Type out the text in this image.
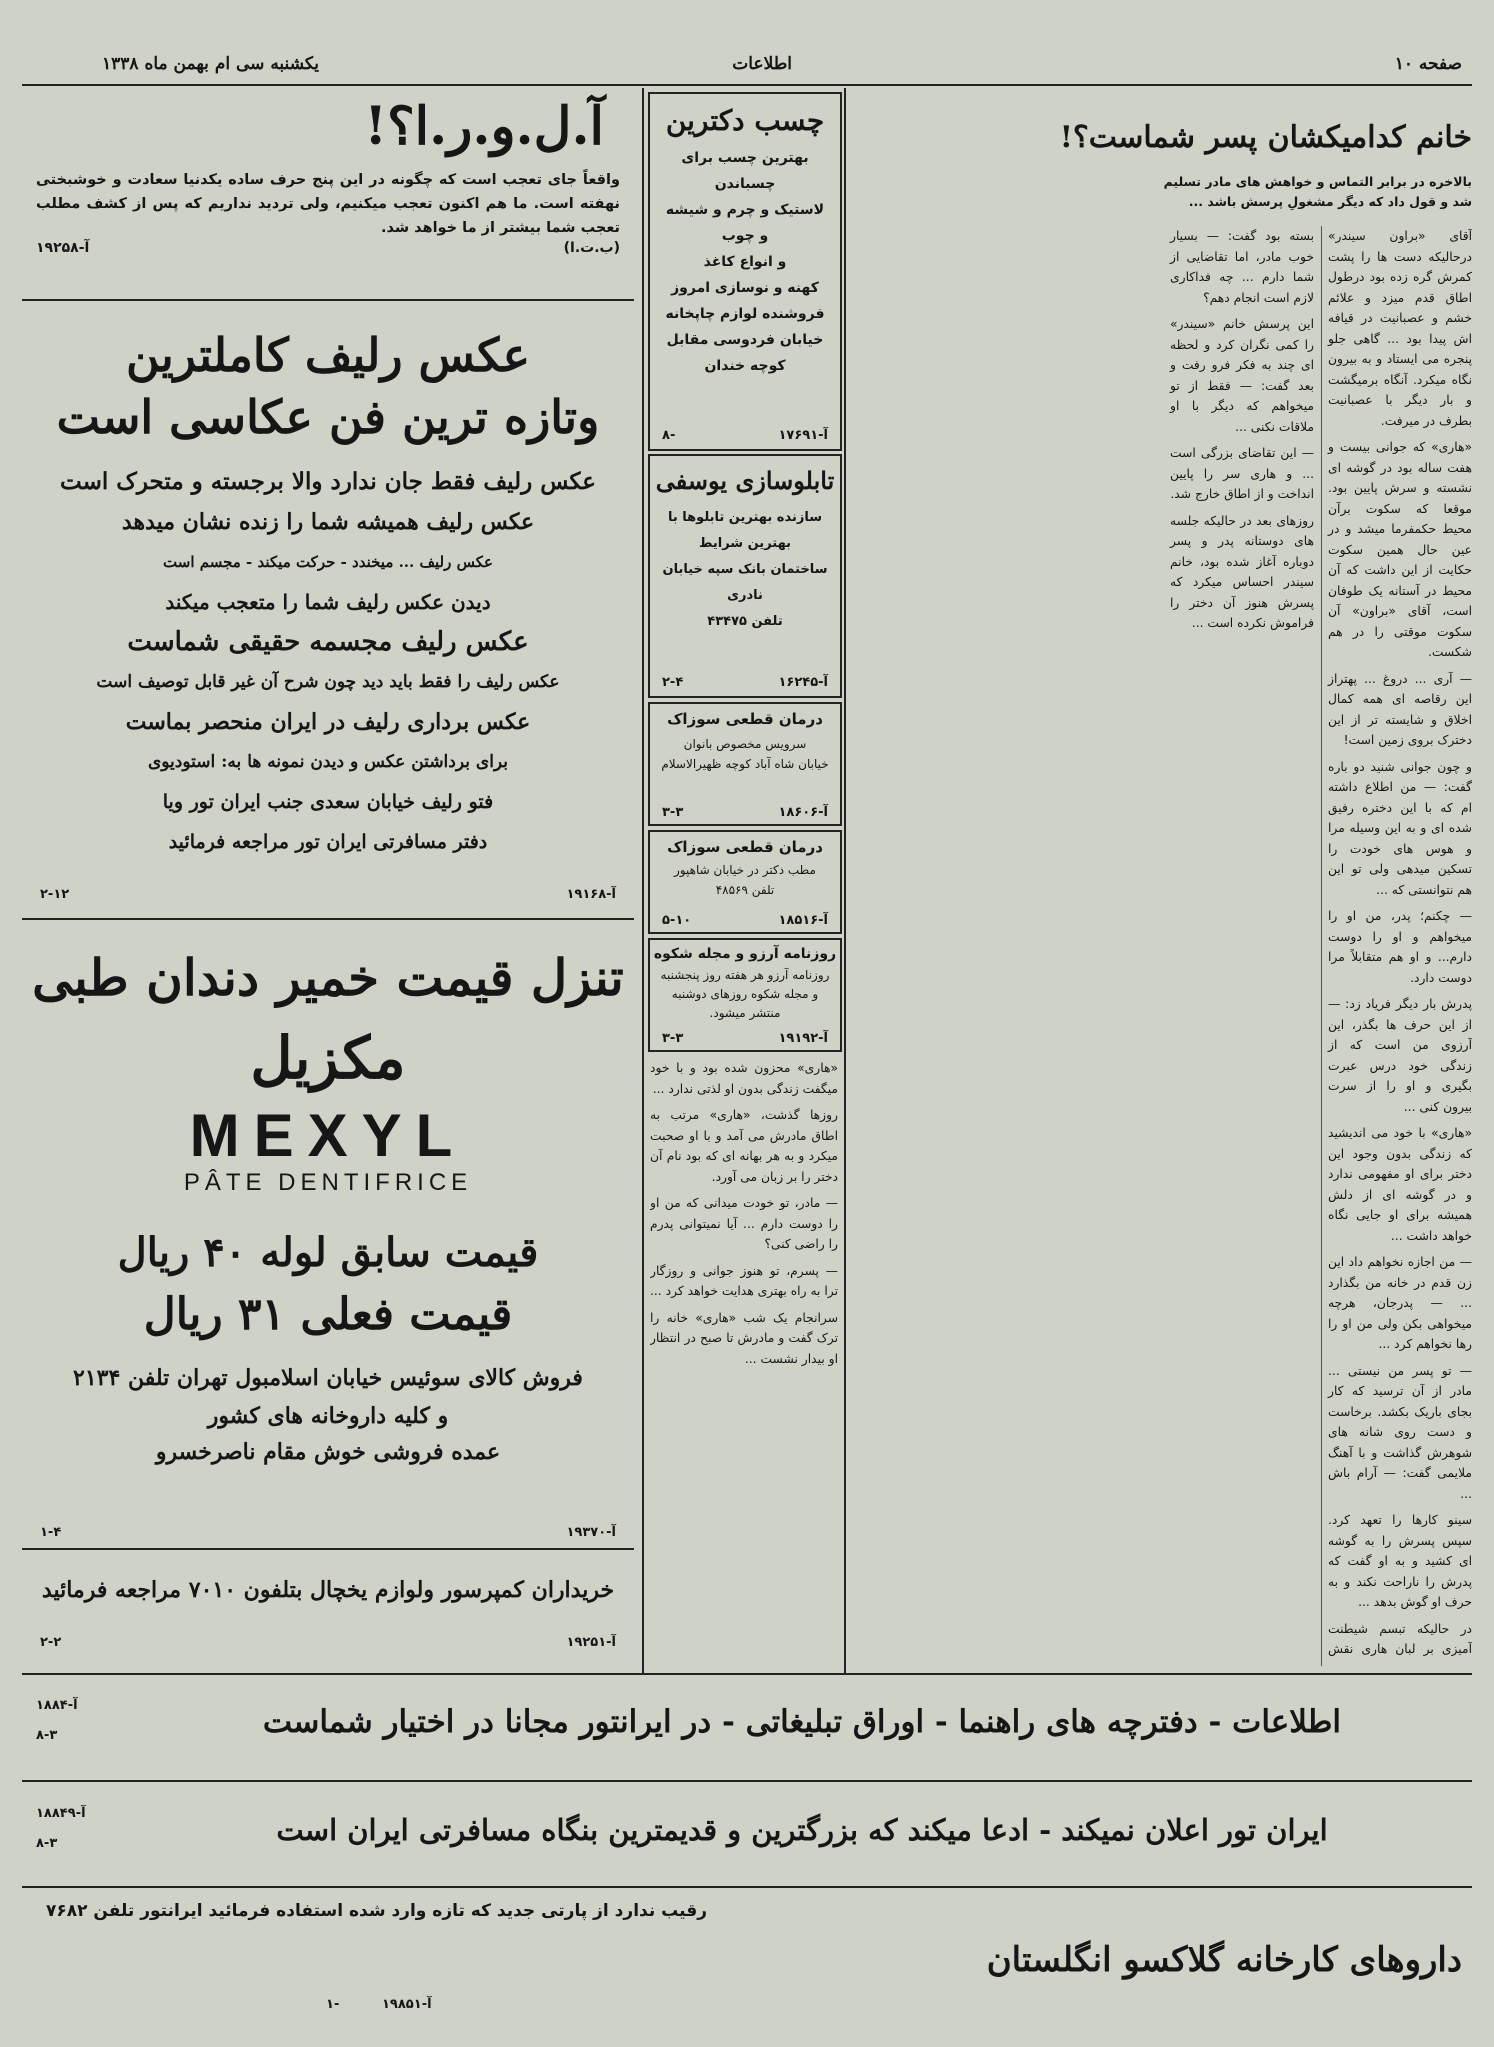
صفحه ۱۰
اطلاعات
یکشنبه سی ام بهمن ماه ۱۳۳۸
خانم کدامیکشان پسر شماست؟!
بالاخره در برابر التماس و خواهش های مادر تسلیم شد و قول داد که دیگر مشغولِ پرسش باشد ...

آقای «براون سیندر» درحالیکه دست ها را پشت کمرش گره زده بود درطول اطاق قدم میزد و علائم خشم و عصبانیت در قیافه اش پیدا بود ... گاهی جلو پنجره می ایستاد و به بیرون نگاه میکرد. آنگاه برمیگشت و بار دیگر با عصبانیت بطرف در میرفت.

«هاری» که جوانی بیست و هفت ساله بود در گوشه ای نشسته و سرش پایین بود. موقعا که سکوت برآن محیط حکمفرما میشد و در عین حال همین سکوت حکایت از این داشت که آن محیط در آستانه یک طوفان است، آقای «براون» آن سکوت موقتی را در هم شکست.

— آری ... دروغ ... پهتراز این رقاصه ای همه کمال اخلاق و شایسته تر از این دخترک بروی زمین است!

و چون جوانی شنید دو باره گفت: — من اطلاع داشته ام که با این دختره رفیق شده ای و به این وسیله مرا و هوس های خودت را تسکین میدهی ولی تو این هم نتوانستی که ...

— چکنم؛ پدر، من او را میخواهم و او را دوست دارم... و او هم متقابلاً مرا دوست دارد.

پدرش بار دیگر فریاد زد: — از این حرف ها بگذر، این آرزوی من است که از زندگی خود درس عبرت بگیری و او را از سرت بیرون کنی ...

«هاری» با خود می اندیشید که زندگی بدون وجود این دختر برای او مفهومی ندارد و در گوشه ای از دلش همیشه برای او جایی نگاه خواهد داشت ...

— من اجازه نخواهم داد این زن قدم در خانه من بگذارد ... — پدرجان، هرچه میخواهی بکن ولی من او را رها نخواهم کرد ...

— تو پسر من نیستی ... مادر از آن ترسید که کار بجای باریک بکشد. برخاست و دست روی شانه های شوهرش گذاشت و با آهنگ ملایمی گفت: — آرام باش ...

سینو کارها را تعهد کرد. سپس پسرش را به گوشه ای کشید و به او گفت که پدرش را ناراحت نکند و به حرف او گوش بدهد ...

در حالیکه تبسم شیطنت آمیزی بر لبان هاری نقش بسته بود گفت: — بسیار خوب مادر، اما تقاضایی از شما دارم ... چه فداکاری لازم است انجام دهم؟

این پرسش خانم «سیندر» را کمی نگران کرد و لحظه ای چند به فکر فرو رفت و بعد گفت: — فقط از تو میخواهم که دیگر با او ملاقات نکنی ...

— این تقاضای بزرگی است ... و هاری سر را پایین انداخت و از اطاق خارج شد.

روزهای بعد در حالیکه جلسه های دوستانه پدر و پسر دوباره آغاز شده بود، خانم سیندر احساس میکرد که پسرش هنوز آن دختر را فراموش نکرده است ...

چسب دکترین
بهترین چسب برای چسباندن
لاستیک و چرم و شیشه و چوب
و انواع کاغذ
کهنه و نوسازی امروز
فروشنده لوازم چاپخانه
خیابان فردوسی مقابل کوچه خندان
آ-۱۷۶۹۱
-۸
تابلوسازی یوسفی
سازنده بهترین تابلوها با بهترین شرایط
ساختمان بانک سپه خیابان نادری
تلفن ۴۳۴۷۵
آ-۱۶۲۴۵
۲-۴
درمان قطعی سوزاک
سرویس مخصوص بانوان
خیابان شاه آباد کوچه ظهیرالاسلام
آ-۱۸۶۰۶
۳-۳
درمان قطعی سوزاک
مطب دکتر در خیابان شاهپور
تلفن ۴۸۵۶۹
آ-۱۸۵۱۶
۵-۱۰
روزنامه آرزو و مجله شکوه
روزنامه آرزو هر هفته روز پنجشنبه
و مجله شکوه روزهای دوشنبه
منتشر میشود.
آ-۱۹۱۹۲
۳-۳

«هاری» محزون شده بود و با خود میگفت زندگی بدون او لذتی ندارد ...

روزها گذشت، «هاری» مرتب به اطاق مادرش می آمد و با او صحبت میکرد و به هر بهانه ای که بود نام آن دختر را بر زبان می آورد.

— مادر، تو خودت میدانی که من او را دوست دارم ... آیا نمیتوانی پدرم را راضی کنی؟

— پسرم، تو هنوز جوانی و روزگار ترا به راه بهتری هدایت خواهد کرد ...

سرانجام یک شب «هاری» خانه را ترک گفت و مادرش تا صبح در انتظار او بیدار نشست ...

آ.ل.و.ر.ا؟!
واقعاً جای تعجب است که چگونه در این پنج حرف ساده یکدنیا سعادت و خوشبختی نهفته است. ما هم اکنون تعجب میکنیم، ولی تردید نداریم که پس از کشف مطلب تعجب شما بیشتر از ما خواهد شد.
(ب.ت.ا)
آ-۱۹۲۵۸
عکس رلیف کاملترین
وتازه ترین فن عکاسی است
عکس رلیف فقط جان ندارد والا برجسته و متحرک است
عکس رلیف همیشه شما را زنده نشان میدهد
عکس رلیف ... میخندد - حرکت میکند - مجسم است
دیدن عکس رلیف شما را متعجب میکند
عکس رلیف مجسمه حقیقی شماست
عکس رلیف را فقط باید دید چون شرح آن غیر قابل توصیف است
عکس برداری رلیف در ایران منحصر بماست
برای برداشتن عکس و دیدن نمونه ها به: استودیوی
فتو رلیف خیابان سعدی جنب ایران تور ویا
دفتر مسافرتی ایران تور مراجعه فرمائید
آ-۱۹۱۶۸
۲-۱۲
تنزل قیمت خمیر دندان طبی
مکزیل
MEXYL
PÂTE DENTIFRICE
قیمت سابق لوله ۴۰ ریال
قیمت فعلی ۳۱ ریال
فروش کالای سوئیس خیابان اسلامبول تهران تلفن ۲۱۳۴
و کلیه داروخانه های کشور
عمده فروشی خوش مقام ناصرخسرو
آ-۱۹۳۷۰
۱-۴
خریداران کمپرسور ولوازم یخچال بتلفون ۷۰۱۰ مراجعه فرمائید
آ-۱۹۲۵۱
۲-۲
اطلاعات - دفترچه های راهنما - اوراق تبلیغاتی - در ایرانتور مجانا در اختیار شماست
آ-۱۸۸۴
۸-۳
ایران تور اعلان نمیکند - ادعا میکند که بزرگترین و قدیمترین بنگاه مسافرتی ایران است
آ-۱۸۸۴۹
۸-۳
رقیب ندارد از پارتی جدید که تازه وارد شده استفاده فرمائید ایرانتور تلفن ۷۶۸۲
داروهای کارخانه گلاکسو انگلستان
آ-۱۹۸۵۱
-۱
